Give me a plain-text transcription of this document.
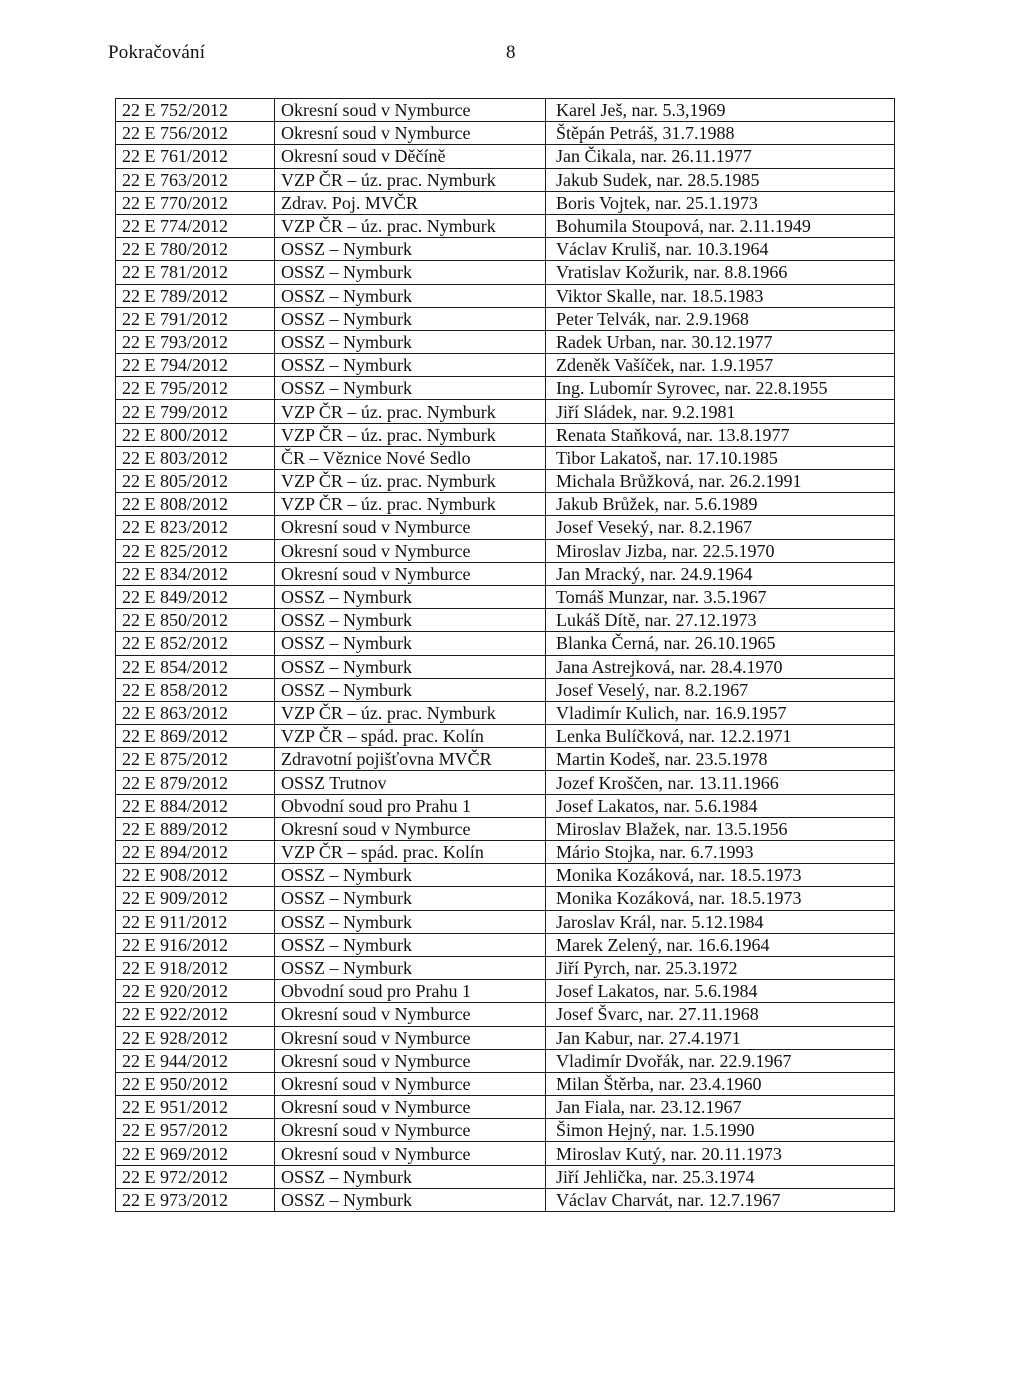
Pokračování	8
22 E 752/2012	Okresní soud v Nymburce	Karel Ješ, nar. 5.3,1969
22 E 756/2012	Okresní soud v Nymburce	Štěpán Petráš, 31.7.1988
22 E 761/2012	Okresní soud v Děčíně	Jan Čikala, nar. 26.11.1977
22 E 763/2012	VZP ČR – úz. prac. Nymburk	Jakub Sudek, nar. 28.5.1985
22 E 770/2012	Zdrav. Poj. MVČR	Boris Vojtek, nar. 25.1.1973
22 E 774/2012	VZP ČR – úz. prac. Nymburk	Bohumila Stoupová, nar. 2.11.1949
22 E 780/2012	OSSZ – Nymburk	Václav Kruliš, nar. 10.3.1964
22 E 781/2012	OSSZ – Nymburk	Vratislav Kožurik, nar. 8.8.1966
22 E 789/2012	OSSZ – Nymburk	Viktor Skalle, nar. 18.5.1983
22 E 791/2012	OSSZ – Nymburk	Peter Telvák, nar. 2.9.1968
22 E 793/2012	OSSZ – Nymburk	Radek Urban, nar. 30.12.1977
22 E 794/2012	OSSZ – Nymburk	Zdeněk Vašíček, nar. 1.9.1957
22 E 795/2012	OSSZ – Nymburk	Ing. Lubomír Syrovec, nar. 22.8.1955
22 E 799/2012	VZP ČR – úz. prac. Nymburk	Jiří Sládek, nar. 9.2.1981
22 E 800/2012	VZP ČR – úz. prac. Nymburk	Renata Staňková, nar. 13.8.1977
22 E 803/2012	ČR – Věznice Nové Sedlo	Tibor Lakatoš, nar. 17.10.1985
22 E 805/2012	VZP ČR – úz. prac. Nymburk	Michala Brůžková, nar. 26.2.1991
22 E 808/2012	VZP ČR – úz. prac. Nymburk	Jakub Brůžek, nar. 5.6.1989
22 E 823/2012	Okresní soud v Nymburce	Josef Veseký, nar. 8.2.1967
22 E 825/2012	Okresní soud v Nymburce	Miroslav Jizba, nar. 22.5.1970
22 E 834/2012	Okresní soud v Nymburce	Jan Mracký, nar. 24.9.1964
22 E 849/2012	OSSZ – Nymburk	Tomáš Munzar, nar. 3.5.1967
22 E 850/2012	OSSZ – Nymburk	Lukáš Dítě, nar. 27.12.1973
22 E 852/2012	OSSZ – Nymburk	Blanka Černá, nar. 26.10.1965
22 E 854/2012	OSSZ – Nymburk	Jana Astrejková, nar. 28.4.1970
22 E 858/2012	OSSZ – Nymburk	Josef Veselý, nar. 8.2.1967
22 E 863/2012	VZP ČR – úz. prac. Nymburk	Vladimír Kulich, nar. 16.9.1957
22 E 869/2012	VZP ČR – spád. prac. Kolín	Lenka Bulíčková, nar. 12.2.1971
22 E 875/2012	Zdravotní pojišťovna MVČR	Martin Kodeš, nar. 23.5.1978
22 E 879/2012	OSSZ Trutnov	Jozef Kroščen, nar. 13.11.1966
22 E 884/2012	Obvodní soud pro Prahu 1	Josef Lakatos, nar. 5.6.1984
22 E 889/2012	Okresní soud v Nymburce	Miroslav Blažek, nar. 13.5.1956
22 E 894/2012	VZP ČR – spád. prac. Kolín	Mário Stojka, nar. 6.7.1993
22 E 908/2012	OSSZ – Nymburk	Monika Kozáková, nar. 18.5.1973
22 E 909/2012	OSSZ – Nymburk	Monika Kozáková, nar. 18.5.1973
22 E 911/2012	OSSZ – Nymburk	Jaroslav Král, nar. 5.12.1984
22 E 916/2012	OSSZ – Nymburk	Marek Zelený, nar. 16.6.1964
22 E 918/2012	OSSZ – Nymburk	Jiří Pyrch, nar. 25.3.1972
22 E 920/2012	Obvodní soud pro Prahu 1	Josef Lakatos, nar. 5.6.1984
22 E 922/2012	Okresní soud v Nymburce	Josef Švarc, nar. 27.11.1968
22 E 928/2012	Okresní soud v Nymburce	Jan Kabur, nar. 27.4.1971
22 E 944/2012	Okresní soud v Nymburce	Vladimír Dvořák, nar. 22.9.1967
22 E 950/2012	Okresní soud v Nymburce	Milan Štěrba, nar. 23.4.1960
22 E 951/2012	Okresní soud v Nymburce	Jan Fiala, nar. 23.12.1967
22 E 957/2012	Okresní soud v Nymburce	Šimon Hejný, nar. 1.5.1990
22 E 969/2012	Okresní soud v Nymburce	Miroslav Kutý, nar. 20.11.1973
22 E 972/2012	OSSZ – Nymburk	Jiří Jehlička, nar. 25.3.1974
22 E 973/2012	OSSZ – Nymburk	Václav Charvát, nar. 12.7.1967
